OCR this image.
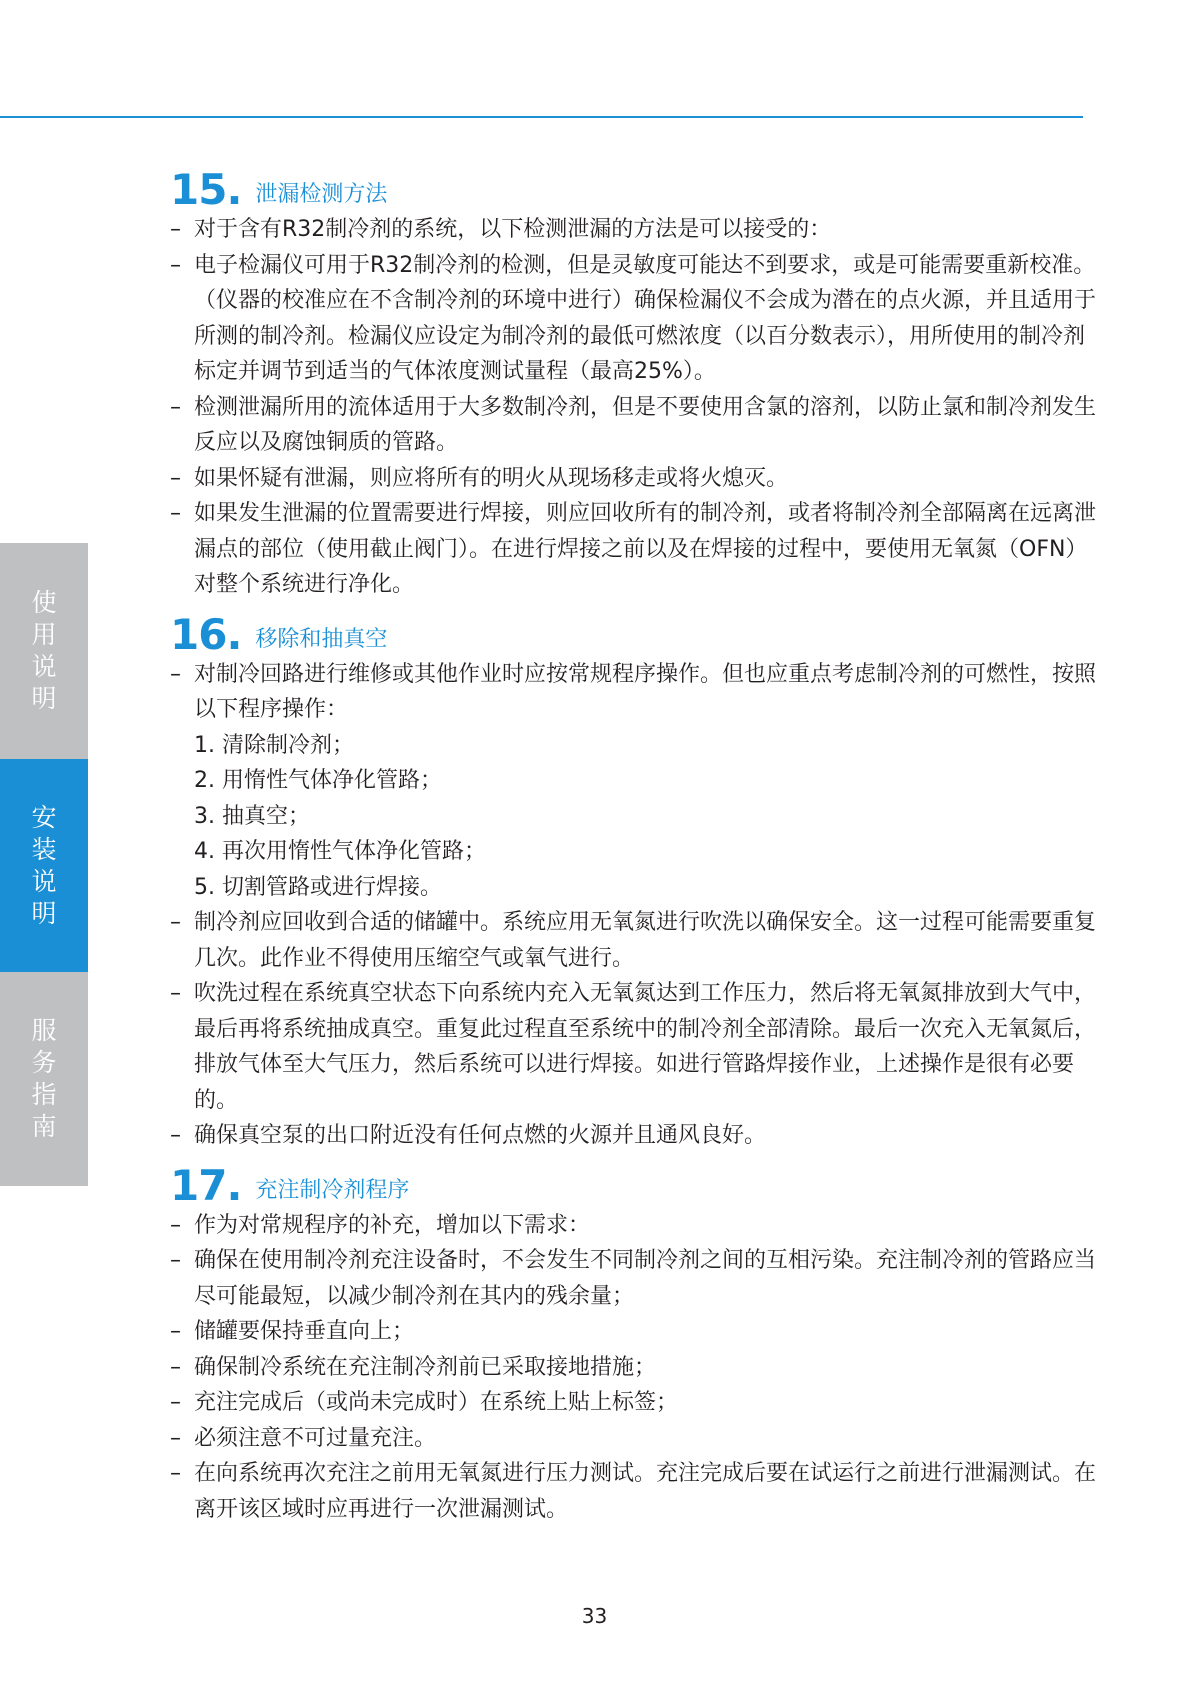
使
用
说
明
安
装
说
明
服
务
指
南
15. 泄漏检测方法
– 对于含有R32制冷剂的系统，以下检测泄漏的方法是可以接受的：
– 电子检漏仪可用于R32制冷剂的检测，但是灵敏度可能达不到要求，或是可能需要重新校准。（仪器的校准应在不含制冷剂的环境中进行）确保检漏仪不会成为潜在的点火源，并且适用于所测的制冷剂。检漏仪应设定为制冷剂的最低可燃浓度（以百分数表示），用所使用的制冷剂标定并调节到适当的气体浓度测试量程（最高25%）。
– 检测泄漏所用的流体适用于大多数制冷剂，但是不要使用含氯的溶剂，以防止氯和制冷剂发生反应以及腐蚀铜质的管路。
– 如果怀疑有泄漏，则应将所有的明火从现场移走或将火熄灭。
– 如果发生泄漏的位置需要进行焊接，则应回收所有的制冷剂，或者将制冷剂全部隔离在远离泄漏点的部位（使用截止阀门）。在进行焊接之前以及在焊接的过程中，要使用无氧氮（OFN）对整个系统进行净化。
16. 移除和抽真空
– 对制冷回路进行维修或其他作业时应按常规程序操作。但也应重点考虑制冷剂的可燃性，按照以下程序操作：
1. 清除制冷剂；
2. 用惰性气体净化管路；
3. 抽真空；
4. 再次用惰性气体净化管路；
5. 切割管路或进行焊接。
– 制冷剂应回收到合适的储罐中。系统应用无氧氮进行吹洗以确保安全。这一过程可能需要重复几次。此作业不得使用压缩空气或氧气进行。
– 吹洗过程在系统真空状态下向系统内充入无氧氮达到工作压力，然后将无氧氮排放到大气中，最后再将系统抽成真空。重复此过程直至系统中的制冷剂全部清除。最后一次充入无氧氮后，排放气体至大气压力，然后系统可以进行焊接。如进行管路焊接作业，上述操作是很有必要的。
– 确保真空泵的出口附近没有任何点燃的火源并且通风良好。
17. 充注制冷剂程序
– 作为对常规程序的补充，增加以下需求：
– 确保在使用制冷剂充注设备时，不会发生不同制冷剂之间的互相污染。充注制冷剂的管路应当尽可能最短，以减少制冷剂在其内的残余量；
– 储罐要保持垂直向上；
– 确保制冷系统在充注制冷剂前已采取接地措施；
– 充注完成后（或尚未完成时）在系统上贴上标签；
– 必须注意不可过量充注。
– 在向系统再次充注之前用无氧氮进行压力测试。充注完成后要在试运行之前进行泄漏测试。在离开该区域时应再进行一次泄漏测试。
33
